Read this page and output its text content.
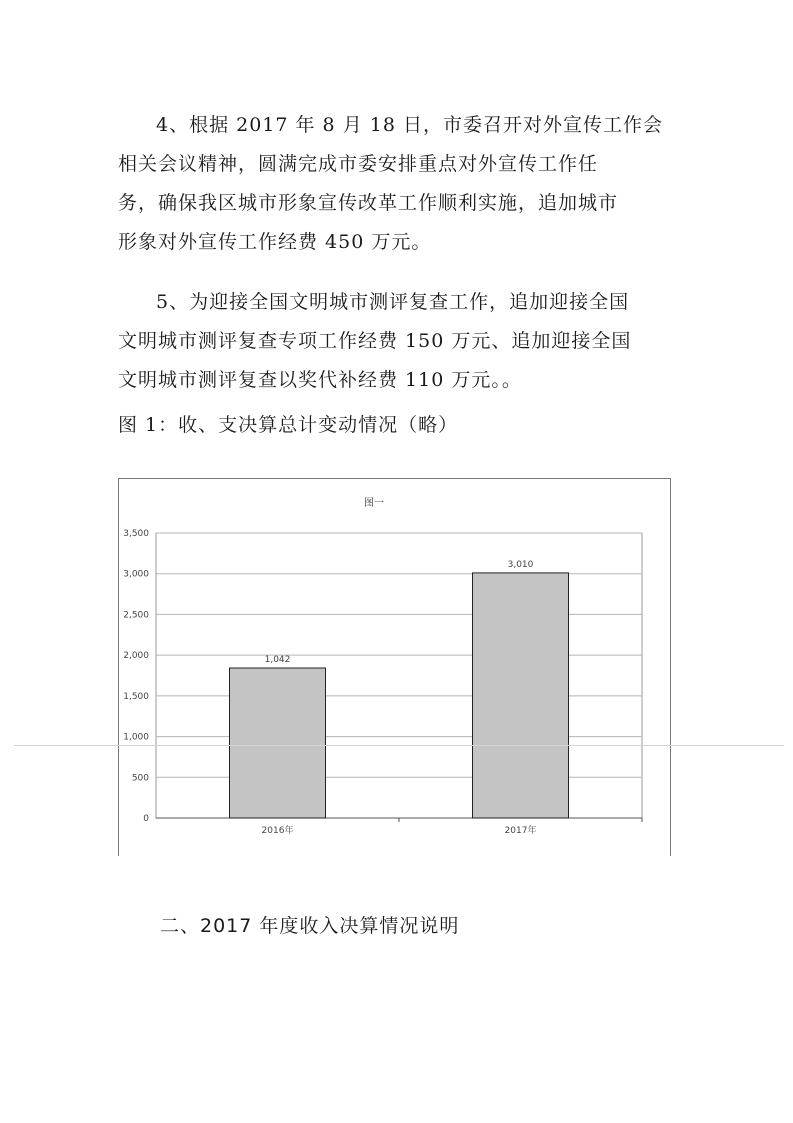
4、根据 2017 年 8 月 18 日，市委召开对外宣传工作会
相关会议精神，圆满完成市委安排重点对外宣传工作任
务，确保我区城市形象宣传改革工作顺利实施，追加城市
形象对外宣传工作经费 450 万元。
5、为迎接全国文明城市测评复查工作，追加迎接全国
文明城市测评复查专项工作经费 150 万元、追加迎接全国
文明城市测评复查以奖代补经费 110 万元。。
图 1：收、支决算总计变动情况（略）
图一
0
500
1,000
1,500
2,000
2,500
3,000
3,500
1,042
2016年
3,010
2017年
二、2017 年度收入决算情况说明
